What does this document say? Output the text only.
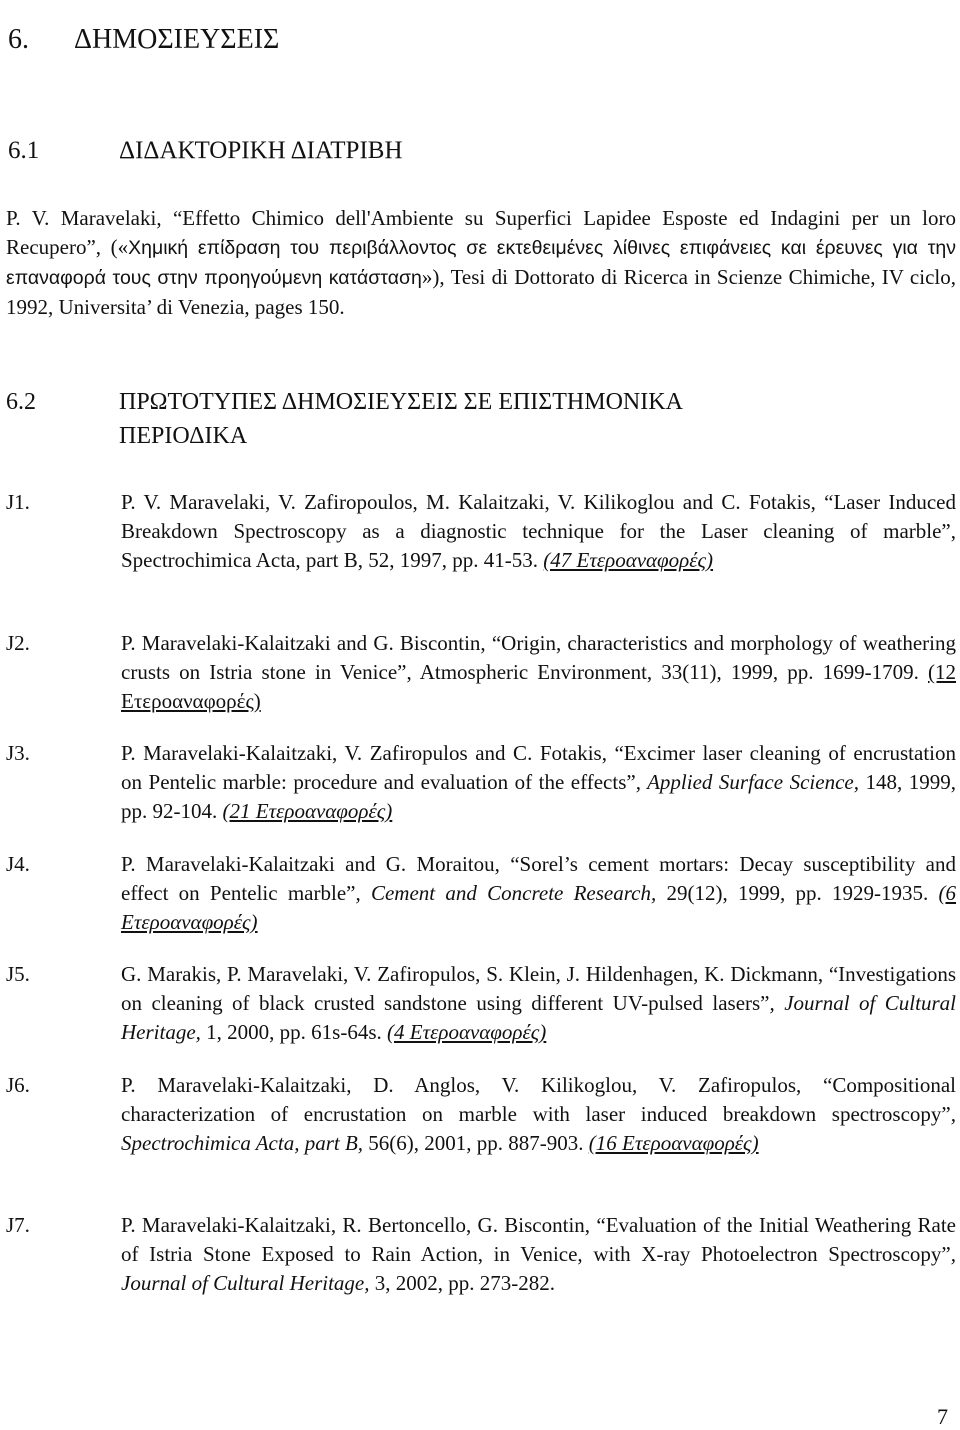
6. ΔΗΜΟΣΙΕΥΣΕΙΣ
6.1	ΔΙΔΑΚΤΟΡΙΚΗ ΔΙΑΤΡΙΒΗ
P. V. Maravelaki, “Effetto Chimico dell'Ambiente su Superfici Lapidee Esposte ed Indagini per un loro Recupero”, («Χημική επίδραση του περιβάλλοντος σε εκτεθειμένες λίθινες επιφάνειες και έρευνες για την επαναφορά τους στην προηγούμενη κατάσταση»), Tesi di Dottorato di Ricerca in Scienze Chimiche, IV ciclo, 1992, Universita’ di Venezia, pages 150.
6.2	ΠΡΩΤΟΤΥΠΕΣ ΔΗΜΟΣΙΕΥΣΕΙΣ ΣΕ ΕΠΙΣΤΗΜΟΝΙΚΑ
ΠΕΡΙΟΔΙΚΑ
J1.	P. V. Maravelaki, V. Zafiropoulos, M. Kalaitzaki, V. Kilikoglou and C. Fotakis, “Laser Induced Breakdown Spectroscopy as a diagnostic technique for the Laser cleaning of marble”, Spectrochimica Acta, part B, 52, 1997, pp. 41-53. (47 Ετεροαναφορές)
J2.	P. Maravelaki-Kalaitzaki and G. Biscontin, “Origin, characteristics and morphology of weathering crusts on Istria stone in Venice”, Atmospheric Environment, 33(11), 1999, pp. 1699-1709. (12 Ετεροαναφορές)
J3.	P. Maravelaki-Kalaitzaki, V. Zafiropulos and C. Fotakis, “Excimer laser cleaning of encrustation on Pentelic marble: procedure and evaluation of the effects”, Applied Surface Science, 148, 1999, pp. 92-104. (21 Ετεροαναφορές)
J4.	P. Maravelaki-Kalaitzaki and G. Moraitou, “Sorel’s cement mortars: Decay susceptibility and effect on Pentelic marble”, Cement and Concrete Research, 29(12), 1999, pp. 1929-1935. (6 Ετεροαναφορές)
J5.	G. Marakis, P. Maravelaki, V. Zafiropulos, S. Klein, J. Hildenhagen, K. Dickmann, “Investigations on cleaning of black crusted sandstone using different UV-pulsed lasers”, Journal of Cultural Heritage, 1, 2000, pp. 61s-64s. (4 Ετεροαναφορές)
J6.	P. Maravelaki-Kalaitzaki, D. Anglos, V. Kilikoglou, V. Zafiropulos, “Compositional characterization of encrustation on marble with laser induced breakdown spectroscopy”, Spectrochimica Acta, part B, 56(6), 2001, pp. 887-903. (16 Ετεροαναφορές)
J7.	P. Maravelaki-Kalaitzaki, R. Bertoncello, G. Biscontin, “Evaluation of the Initial Weathering Rate of Istria Stone Exposed to Rain Action, in Venice, with X-ray Photoelectron Spectroscopy”, Journal of Cultural Heritage, 3, 2002, pp. 273-282.
7
